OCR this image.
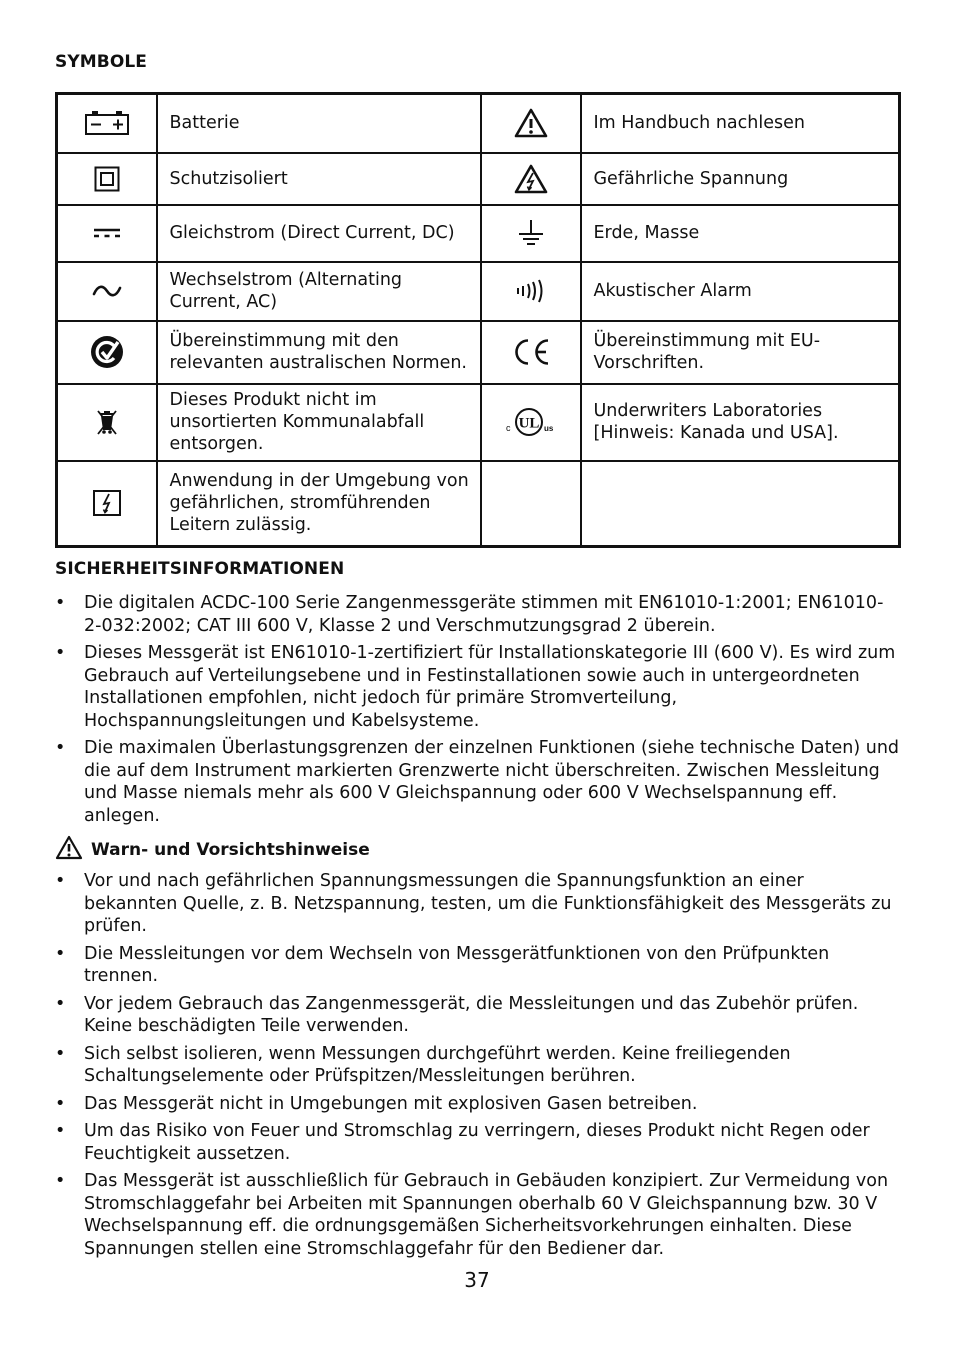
SYMBOLE
	Batterie		Im Handbuch nachlesen

	Schutzisoliert		Gefährliche Spannung

	Gleichstrom (Direct Current, DC)		Erde, Masse

	Wechselstrom (Alternating Current, AC)		Akustischer Alarm

	Übereinstimmung mit den relevanten australischen Normen.		Übereinstimmung mit EU-Vorschriften.

	Dieses Produkt nicht im unsortierten Kommunalabfall entsorgen.	c UL us	Underwriters Laboratories [Hinweis: Kanada und USA].

	Anwendung in der Umgebung von gefährlichen, stromführenden Leitern zulässig.		
SICHERHEITSINFORMATIONEN
• Die digitalen ACDC-100 Serie Zangenmessgeräte stimmen mit EN61010-1:2001; EN61010-2-032:2002; CAT III 600 V, Klasse 2 und Verschmutzungsgrad 2 überein.
• Dieses Messgerät ist EN61010-1-zertifiziert für Installationskategorie III (600 V). Es wird zum Gebrauch auf Verteilungsebene und in Festinstallationen sowie auch in untergeordneten Installationen empfohlen, nicht jedoch für primäre Stromverteilung, Hochspannungsleitungen und Kabelsysteme.
• Die maximalen Überlastungsgrenzen der einzelnen Funktionen (siehe technische Daten) und die auf dem Instrument markierten Grenzwerte nicht überschreiten. Zwischen Messleitung und Masse niemals mehr als 600 V Gleichspannung oder 600 V Wechselspannung eff. anlegen.
Warn- und Vorsichtshinweise
• Vor und nach gefährlichen Spannungsmessungen die Spannungsfunktion an einer bekannten Quelle, z. B. Netzspannung, testen, um die Funktionsfähigkeit des Messgeräts zu prüfen.
• Die Messleitungen vor dem Wechseln von Messgerätfunktionen von den Prüfpunkten trennen.
• Vor jedem Gebrauch das Zangenmessgerät, die Messleitungen und das Zubehör prüfen. Keine beschädigten Teile verwenden.
• Sich selbst isolieren, wenn Messungen durchgeführt werden. Keine freiliegenden Schaltungselemente oder Prüfspitzen/Messleitungen berühren.
• Das Messgerät nicht in Umgebungen mit explosiven Gasen betreiben.
• Um das Risiko von Feuer und Stromschlag zu verringern, dieses Produkt nicht Regen oder Feuchtigkeit aussetzen.
• Das Messgerät ist ausschließlich für Gebrauch in Gebäuden konzipiert. Zur Vermeidung von Stromschlaggefahr bei Arbeiten mit Spannungen oberhalb 60 V Gleichspannung bzw. 30 V Wechselspannung eff. die ordnungsgemäßen Sicherheitsvorkehrungen einhalten. Diese Spannungen stellen eine Stromschlaggefahr für den Bediener dar.
37
